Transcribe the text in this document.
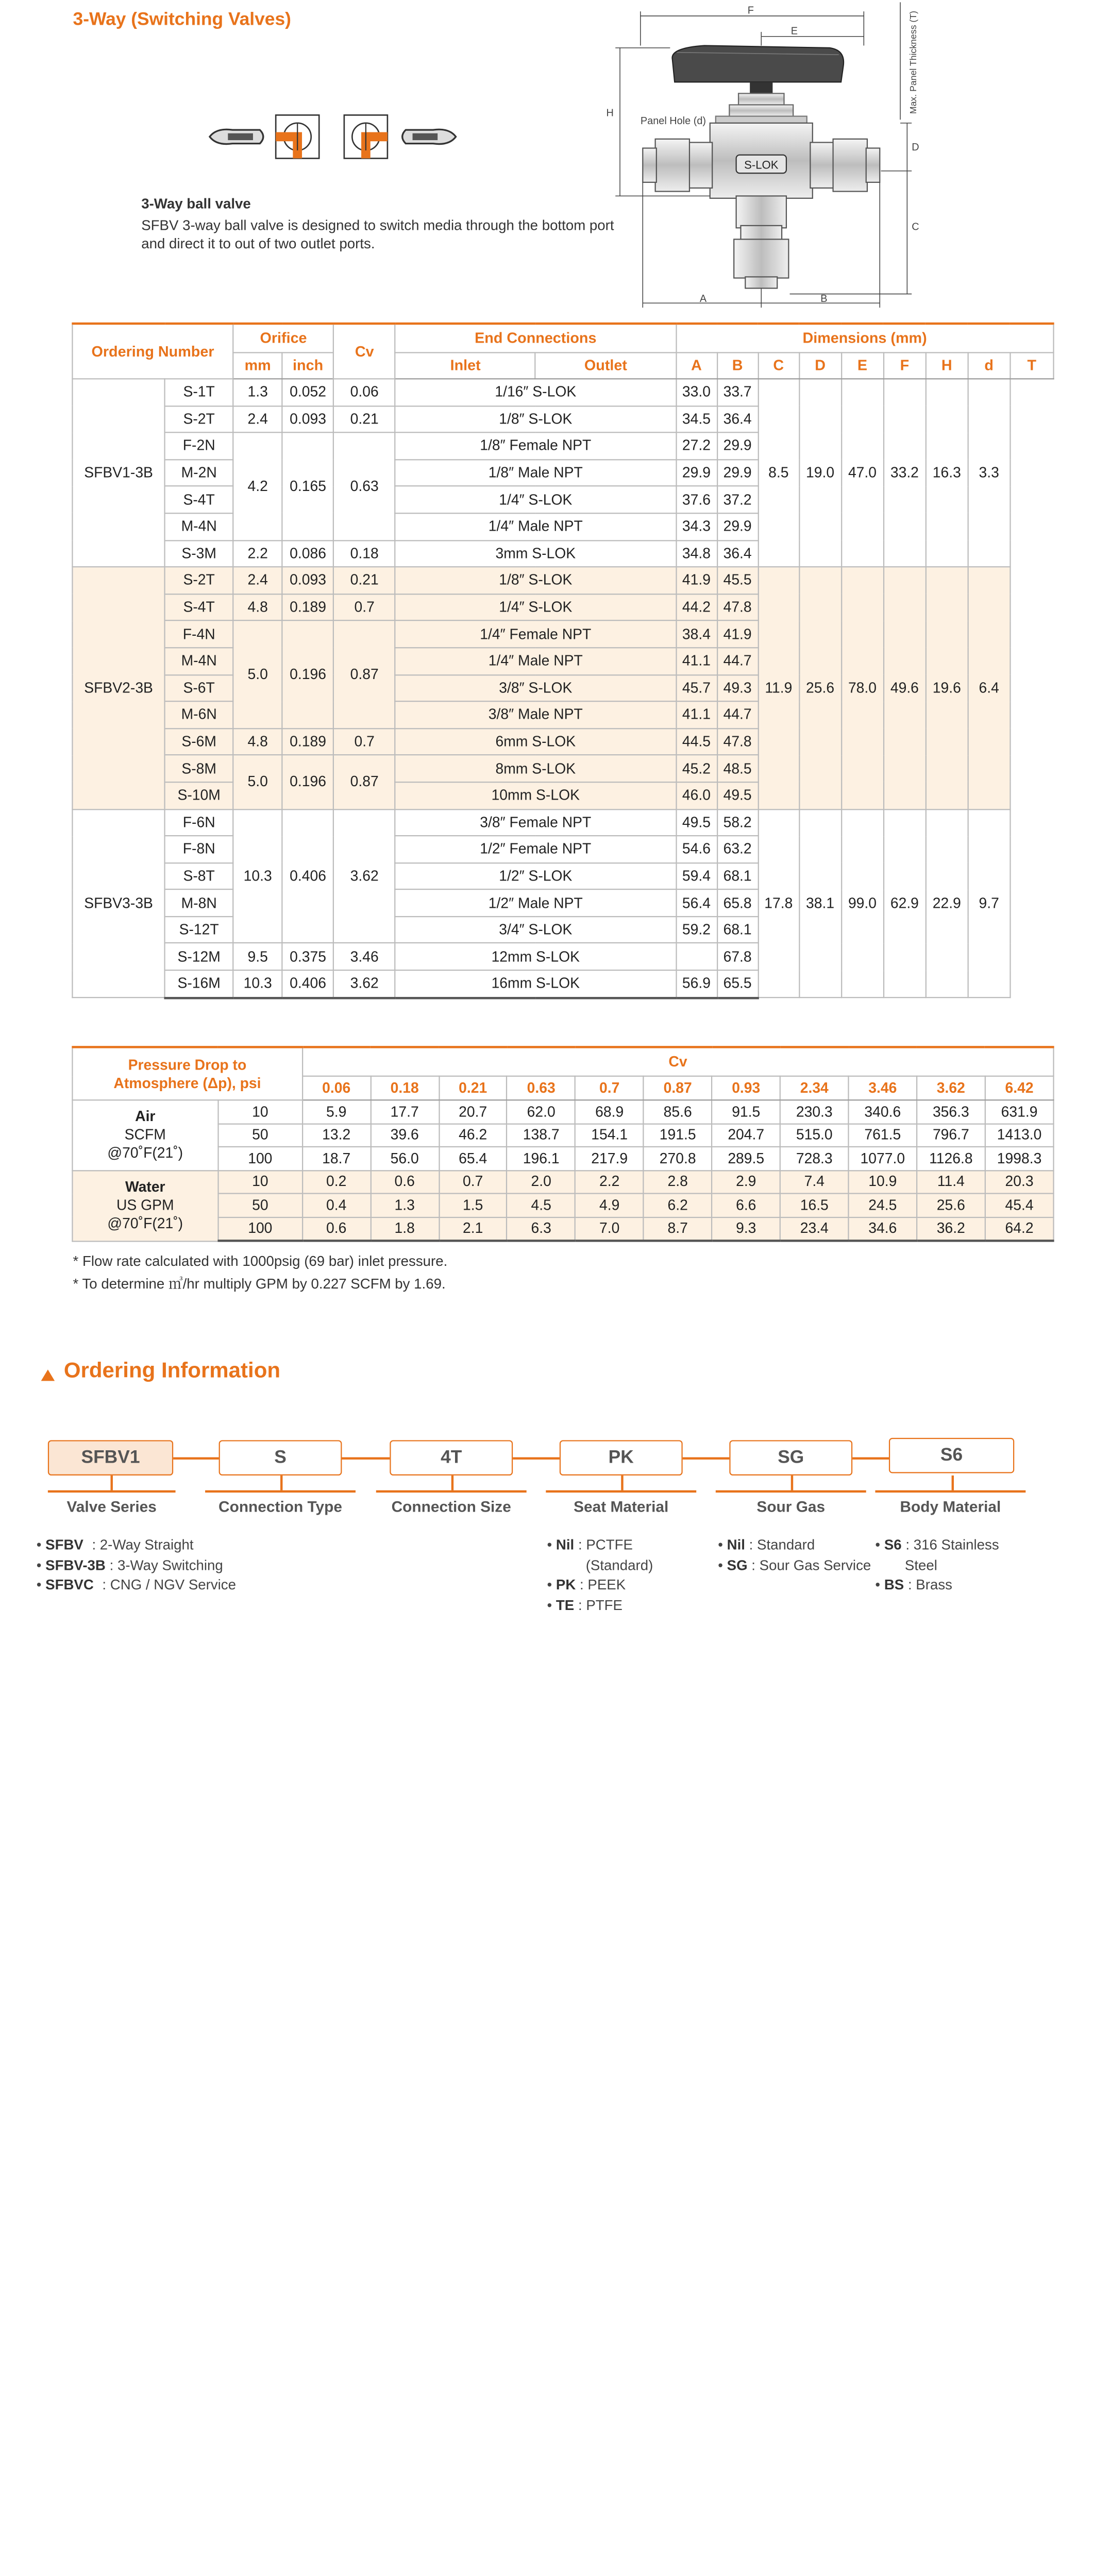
3-Way (Switching Valves)
3-Way ball valve
SFBV 3-way ball valve is designed to switch media through the bottom port and direct it to out of two outlet ports.
S-LOK
F
E
H
D
C
A	B
Panel Hole (d)
Max. Panel Thickness (T)
Ordering Number		Orifice		Cv	End Connections		Dimensions (mm)								
		mm	inch		Inlet	Outlet	A	B	C	D	E	F	H	d	T
SFBV1-3B	S-1T	1.3	0.052	0.06	1/16″ S-LOK		33.0	33.7	8.5	19.0	47.0	33.2	16.3	3.3	
	S-2T	2.4	0.093	0.21	1/8″ S-LOK		34.5	36.4							
	F-2N	4.2	0.165	0.63	1/8″ Female NPT		27.2	29.9							
	M-2N				1/8″ Male NPT		29.9	29.9							
	S-4T				1/4″ S-LOK		37.6	37.2							
	M-4N				1/4″ Male NPT		34.3	29.9							
	S-3M	2.2	0.086	0.18	3mm S-LOK		34.8	36.4							
SFBV2-3B	S-2T	2.4	0.093	0.21	1/8″ S-LOK		41.9	45.5	11.9	25.6	78.0	49.6	19.6	6.4	
	S-4T	4.8	0.189	0.7	1/4″ S-LOK		44.2	47.8							
	F-4N	5.0	0.196	0.87	1/4″ Female NPT		38.4	41.9							
	M-4N				1/4″ Male NPT		41.1	44.7							
	S-6T				3/8″ S-LOK		45.7	49.3							
	M-6N				3/8″ Male NPT		41.1	44.7							
	S-6M	4.8	0.189	0.7	6mm S-LOK		44.5	47.8							
	S-8M	5.0	0.196	0.87	8mm S-LOK		45.2	48.5							
	S-10M				10mm S-LOK		46.0	49.5							
SFBV3-3B	F-6N	10.3	0.406	3.62	3/8″ Female NPT		49.5	58.2	17.8	38.1	99.0	62.9	22.9	9.7	
	F-8N				1/2″ Female NPT		54.6	63.2							
	S-8T				1/2″ S-LOK		59.4	68.1							
	M-8N				1/2″ Male NPT		56.4	65.8							
	S-12T				3/4″ S-LOK		59.2	68.1							
	S-12M	9.5	0.375	3.46	12mm S-LOK			67.8							
	S-16M	10.3	0.406	3.62	16mm S-LOK		56.9	65.5							
Pressure Drop to
Atmosphere (Δp), psi		Cv										
		0.06	0.18	0.21	0.63	0.7	0.87	0.93	2.34	3.46	3.62	6.42

Air
SCFM
@70˚F(21˚)	10	5.9	17.7	20.7	62.0	68.9	85.6	91.5	230.3	340.6	356.3	631.9
	50	13.2	39.6	46.2	138.7	154.1	191.5	204.7	515.0	761.5	796.7	1413.0
	100	18.7	56.0	65.4	196.1	217.9	270.8	289.5	728.3	1077.0	1126.8	1998.3

Water
US GPM
@70˚F(21˚)	10	0.2	0.6	0.7	2.0	2.2	2.8	2.9	7.4	10.9	11.4	20.3
	50	0.4	1.3	1.5	4.5	4.9	6.2	6.6	16.5	24.5	25.6	45.4
	100	0.6	1.8	2.1	6.3	7.0	8.7	9.3	23.4	34.6	36.2	64.2
* Flow rate calculated with 1000psig (69 bar) inlet pressure.
* To determine ㎥/hr multiply GPM by 0.227 SCFM by 1.69.
Ordering Information
SFBV1
Valve Series
S
Connection Type
4T
Connection Size
PK
Seat Material
SG
Sour Gas
S6
Body Material
• SFBV : 2-Way Straight
• SFBV-3B : 3-Way Switching
• SFBVC : CNG / NGV Service
• Nil : PCTFE
(Standard)
• PK : PEEK
• TE : PTFE
• Nil : Standard
• SG : Sour Gas Service
• S6 : 316 Stainless
Steel
• BS : Brass
